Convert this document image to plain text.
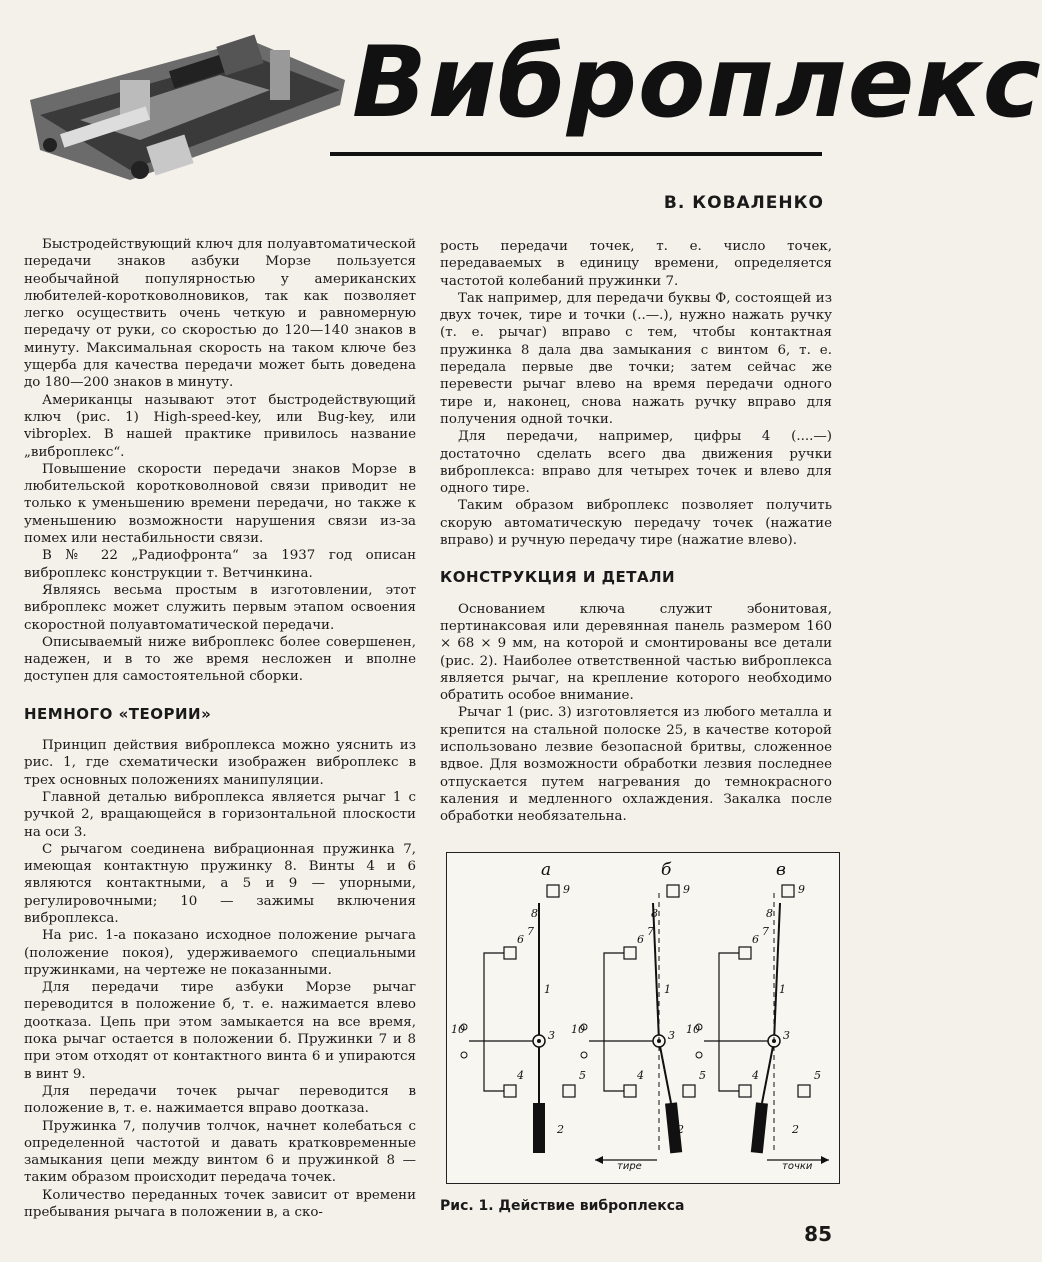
Виброплекс
В. КОВАЛЕНКО

Быстродействующий ключ для полуавтоматической передачи знаков азбуки Морзе пользуется необычайной популярностью у американских любителей-коротковолновиков, так как позволяет легко осуществить очень четкую и равномерную передачу от руки, со скоростью до 120—140 знаков в минуту. Максимальная скорость на таком ключе без ущерба для качества передачи может быть доведена до 180—200 знаков в минуту.

Американцы называют этот быстродействующий ключ (рис. 1) High-speed-key, или Bug-key, или vibroplex. В нашей практике привилось название „виброплекс“.

Повышение скорости передачи знаков Морзе в любительской коротковолновой связи приводит не только к уменьшению времени передачи, но также к уменьшению возможности нарушения связи из-за помех или нестабильности связи.

В № 22 „Радиофронта“ за 1937 год описан виброплекс конструкции т. Ветчинкина.

Являясь весьма простым в изготовлении, этот виброплекс может служить первым этапом освоения скоростной полуавтоматической передачи.

Описываемый ниже виброплекс более совершенен, надежен, и в то же время несложен и вполне доступен для самостоятельной сборки.

НЕМНОГО «ТЕОРИИ»

Принцип действия виброплекса можно уяснить из рис. 1, где схематически изображен виброплекс в трех основных положениях манипуляции.

Главной деталью виброплекса является рычаг 1 с ручкой 2, вращающейся в горизонтальной плоскости на оси 3.

С рычагом соединена вибрационная пружинка 7, имеющая контактную пружинку 8. Винты 4 и 6 являются контактными, а 5 и 9 — упорными, регулировочными; 10 — зажимы включения виброплекса.

На рис. 1-а показано исходное положение рычага (положение покоя), удерживаемого специальными пружинками, на чертеже не показанными.

Для передачи тире азбуки Морзе рычаг переводится в положение б, т. е. нажимается влево доотказа. Цепь при этом замыкается на все время, пока рычаг остается в положении б. Пружинки 7 и 8 при этом отходят от контактного винта 6 и упираются в винт 9.

Для передачи точек рычаг переводится в положение в, т. е. нажимается вправо доотказа.

Пружинка 7, получив толчок, начнет колебаться с определенной частотой и давать кратковременные замыкания цепи между винтом 6 и пружинкой 8 — таким образом происходит передача точек.

Количество переданных точек зависит от времени пребывания рычага в положении в, а ско-

рость передачи точек, т. е. число точек, передаваемых в единицу времени, определяется частотой колебаний пружинки 7.

Так например, для передачи буквы Ф, состоящей из двух точек, тире и точки (..—.), нужно нажать ручку (т. е. рычаг) вправо с тем, чтобы контактная пружинка 8 дала два замыкания с винтом 6, т. е. передала первые две точки; затем сейчас же перевести рычаг влево на время передачи одного тире и, наконец, снова нажать ручку вправо для получения одной точки.

Для передачи, например, цифры 4 (....—) достаточно сделать всего два движения ручки виброплекса: вправо для четырех точек и влево для одного тире.

Таким образом виброплекс позволяет получить скорую автоматическую передачу точек (нажатие вправо) и ручную передачу тире (нажатие влево).

КОНСТРУКЦИЯ И ДЕТАЛИ

Основанием ключа служит эбонитовая, пертинаксовая или деревянная панель размером 160 × 68 × 9 мм, на которой и смонтированы все детали (рис. 2). Наиболее ответственной частью виброплекса является рычаг, на крепление которого необходимо обратить особое внимание.

Рычаг 1 (рис. 3) изготовляется из любого металла и крепится на стальной полоске 25, в качестве которой использовано лезвие безопасной бритвы, сложенное вдвое. Для возможности обработки лезвия последнее отпускается путем нагревания до темнокрасного каления и медленного охлаждения. Закалка после обработки необязательна.

а
1
2
3
4	5
6
7
8
9
10
б
1
2
3
4	5
6
7
8
9
10
в
1
2
3
4	5
6
7
8
9
10
тире	точки
Рис. 1. Действие виброплекса
85
